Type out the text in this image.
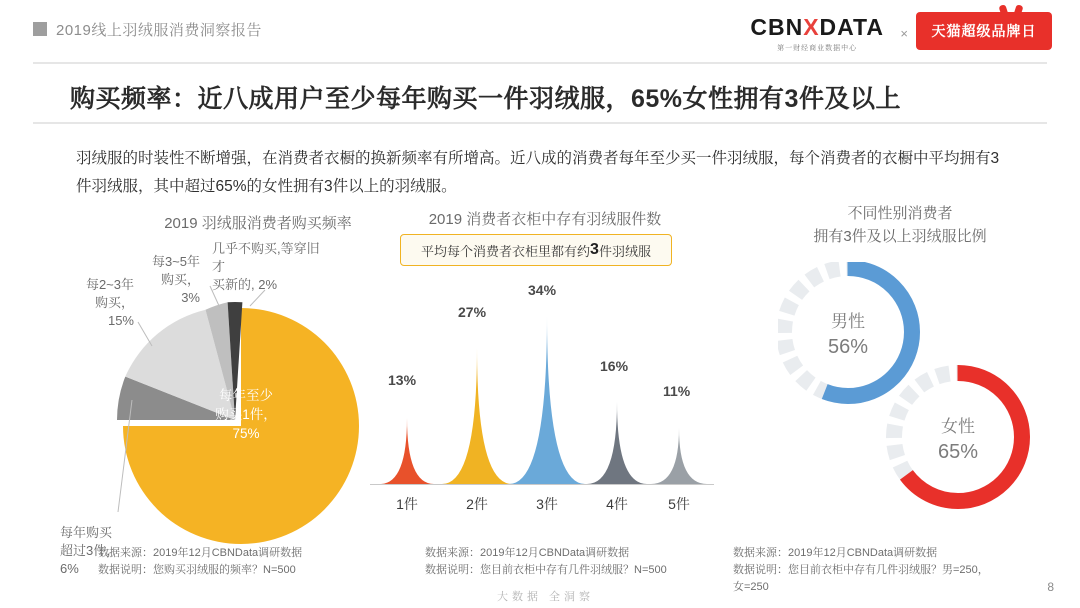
2019线上羽绒服消费洞察报告	CBNXDATA
第一财经商业数据中心
× 天猫超级品牌日
购买频率：近八成用户至少每年购买一件羽绒服，65%女性拥有3件及以上
羽绒服的时装性不断增强，在消费者衣橱的换新频率有所增高。近八成的消费者每年至少买一件羽绒服，每个消费者的衣橱中平均拥有3件羽绒服，其中超过65%的女性拥有3件以上的羽绒服。
2019 羽绒服消费者购买频率	2019 消费者衣柜中存有羽绒服件数	不同性别消费者
拥有3件及以上羽绒服比例
几乎不购买,等穿旧才
买新的, 2%
每3~5年
购买，
3%
每2~3年
购买，
15%
每年购买
超过3件，
6%
每年至少
购买1件，
75%
平均每个消费者衣柜里都有约 3 件羽绒服
13%
27%
34%
16%
11%
1件	2件	3件	4件	5件
男性
56%
女性
65%
数据来源：2019年12月CBNData调研数据
数据说明：您购买羽绒服的频率？N=500
数据来源：2019年12月CBNData调研数据
数据说明：您目前衣柜中存有几件羽绒服？N=500
数据来源：2019年12月CBNData调研数据
数据说明：您目前衣柜中存有几件羽绒服？男=250，
女=250
大数据 全洞察
8
